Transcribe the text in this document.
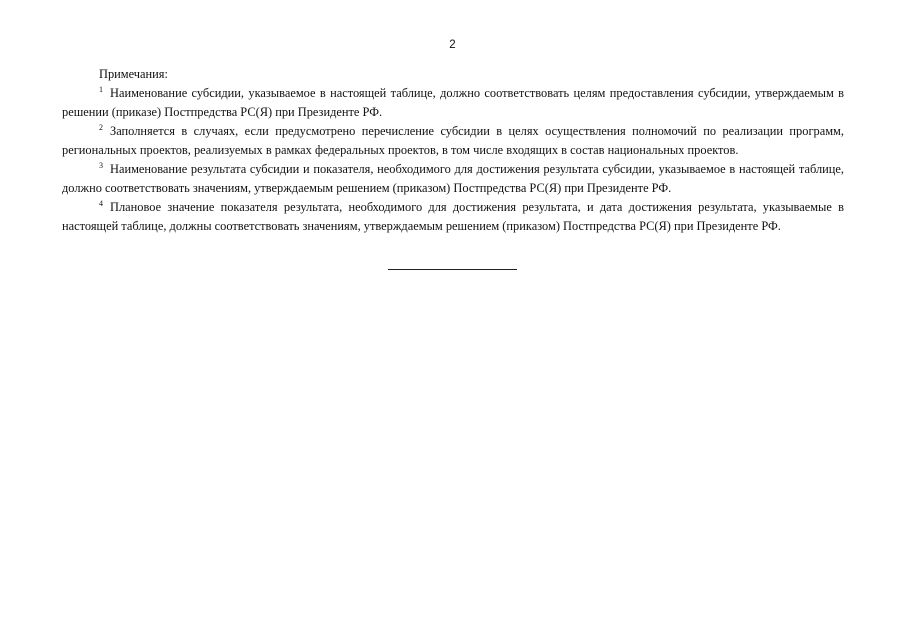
2

Примечания:

$^1$ Наименование субсидии, указываемое в настоящей таблице, должно соответствовать целям предоставления субсидии, утверждаемым в решении (приказе) Постпредства РС(Я) при Президенте РФ.

$^2$ Заполняется в случаях, если предусмотрено перечисление субсидии в целях осуществления полномочий по реализации программ, региональных проектов, реализуемых в рамках федеральных проектов, в том числе входящих в состав национальных проектов.

$^3$ Наименование результата субсидии и показателя, необходимого для достижения результата субсидии, указываемое в настоящей таблице, должно соответствовать значениям, утверждаемым решением (приказом) Постпредства РС(Я) при Президенте РФ.

$^4$ Плановое значение показателя результата, необходимого для достижения результата, и дата достижения результата, указываемые в настоящей таблице, должны соответствовать значениям, утверждаемым решением (приказом) Постпредства РС(Я) при Президенте РФ.
